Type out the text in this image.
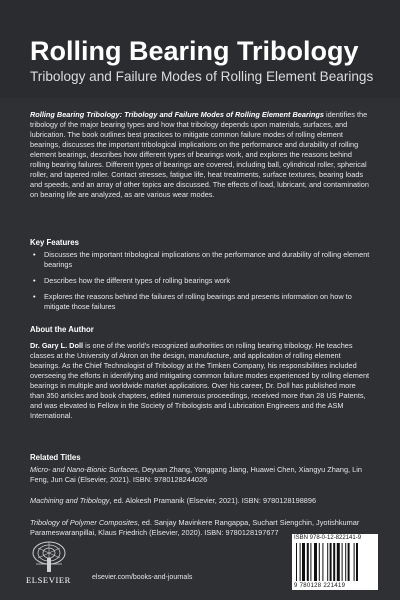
Rolling Bearing Tribology
Tribology and Failure Modes of Rolling Element Bearings
Rolling Bearing Tribology: Tribology and Failure Modes of Rolling Element Bearings identifies the tribology of the major bearing types and how that tribology depends upon materials, surfaces, and lubrication. The book outlines best practices to mitigate common failure modes of rolling element bearings, discusses the important tribological implications on the performance and durability of rolling element bearings, describes how different types of bearings work, and explores the reasons behind rolling bearing failures. Different types of bearings are covered, including ball, cylindrical roller, spherical roller, and tapered roller. Contact stresses, fatigue life, heat treatments, surface textures, bearing loads and speeds, and an array of other topics are discussed. The effects of load, lubricant, and contamination on bearing life are analyzed, as are various wear modes.
Key Features
• Discusses the important tribological implications on the performance and durability of rolling element bearings
• Describes how the different types of rolling bearings work
• Explores the reasons behind the failures of rolling bearings and presents information on how to mitigate those failures
About the Author
Dr. Gary L. Doll is one of the world's recognized authorities on rolling bearing tribology. He teaches classes at the University of Akron on the design, manufacture, and application of rolling element bearings. As the Chief Technologist of Tribology at the Timken Company, his responsibilities included overseeing the efforts in identifying and mitigating common failure modes experienced by rolling element bearings in multiple and worldwide market applications. Over his career, Dr. Doll has published more than 350 articles and book chapters, edited numerous proceedings, received more than 28 US Patents, and was elevated to Fellow in the Society of Tribologists and Lubrication Engineers and the ASM International.
Related Titles
Micro- and Nano-Bionic Surfaces, Deyuan Zhang, Yonggang Jiang, Huawei Chen, Xiangyu Zhang, Lin Feng, Jun Cai (Elsevier, 2021). ISBN: 9780128244026
Machining and Tribology, ed. Alokesh Pramanik (Elsevier, 2021). ISBN: 9780128198896
Tribology of Polymer Composites, ed. Sanjay Mavinkere Rangappa, Suchart Siengchin, Jyotishkumar Parameswaranpillai, Klaus Friedrich (Elsevier, 2020). ISBN: 9780128197677
ELSEVIER	elsevier.com/books-and-journals
ISBN 978-0-12-822141-9
9 780128 221419
